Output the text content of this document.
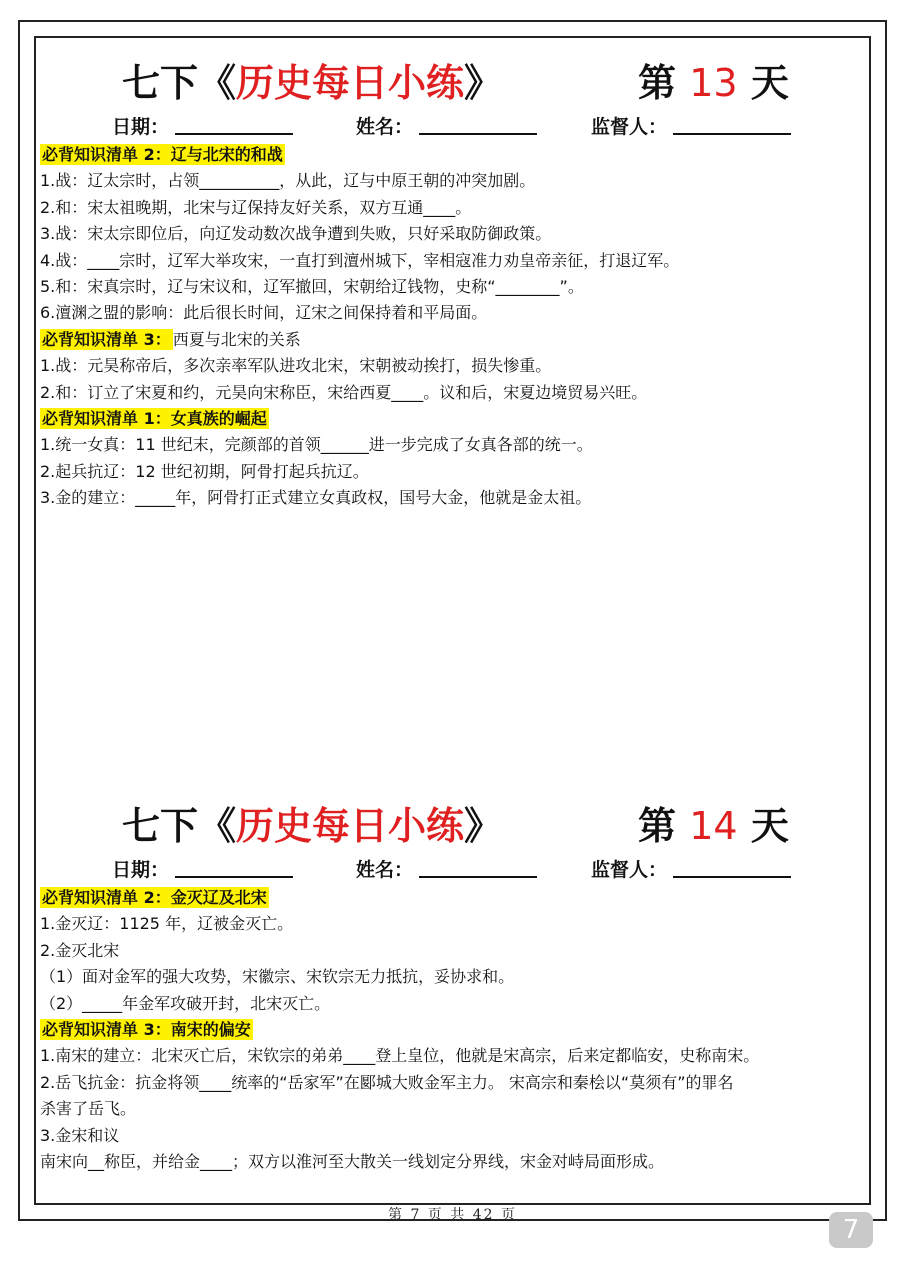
七下《历史每日小练》	第 13 天
日期：	姓名：	监督人：
必背知识清单 2：辽与北宋的和战
1.战：辽太宗时，占领__________，从此，辽与中原王朝的冲突加剧。
2.和：宋太祖晚期，北宋与辽保持友好关系，双方互通____。
3.战：宋太宗即位后，向辽发动数次战争遭到失败，只好采取防御政策。
4.战：____宗时，辽军大举攻宋，一直打到澶州城下，宰相寇准力劝皇帝亲征，打退辽军。
5.和：宋真宗时，辽与宋议和，辽军撤回，宋朝给辽钱物，史称“________”。
6.澶渊之盟的影响：此后很长时间，辽宋之间保持着和平局面。
必背知识清单 3： 西夏与北宋的关系
1.战：元昊称帝后，多次亲率军队进攻北宋，宋朝被动挨打，损失惨重。
2.和：订立了宋夏和约，元昊向宋称臣，宋给西夏____。议和后，宋夏边境贸易兴旺。
必背知识清单 1：女真族的崛起
1.统一女真：11 世纪末，完颜部的首领______进一步完成了女真各部的统一。
2.起兵抗辽：12 世纪初期，阿骨打起兵抗辽。
3.金的建立：_____年，阿骨打正式建立女真政权，国号大金，他就是金太祖。
七下《历史每日小练》	第 14 天
日期：	姓名：	监督人：
必背知识清单 2：金灭辽及北宋
1.金灭辽：1125 年，辽被金灭亡。
2.金灭北宋
（1）面对金军的强大攻势，宋徽宗、宋钦宗无力抵抗，妥协求和。
（2）_____年金军攻破开封，北宋灭亡。
必背知识清单 3：南宋的偏安
1.南宋的建立：北宋灭亡后，宋钦宗的弟弟____登上皇位，他就是宋高宗，后来定都临安，史称南宋。
2.岳飞抗金：抗金将领____统率的“岳家军”在郾城大败金军主力。 宋高宗和秦桧以“莫须有”的罪名
杀害了岳飞。
3.金宋和议
南宋向__称臣，并给金____；双方以淮河至大散关一线划定分界线，宋金对峙局面形成。
第 7 页 共 42 页	7
